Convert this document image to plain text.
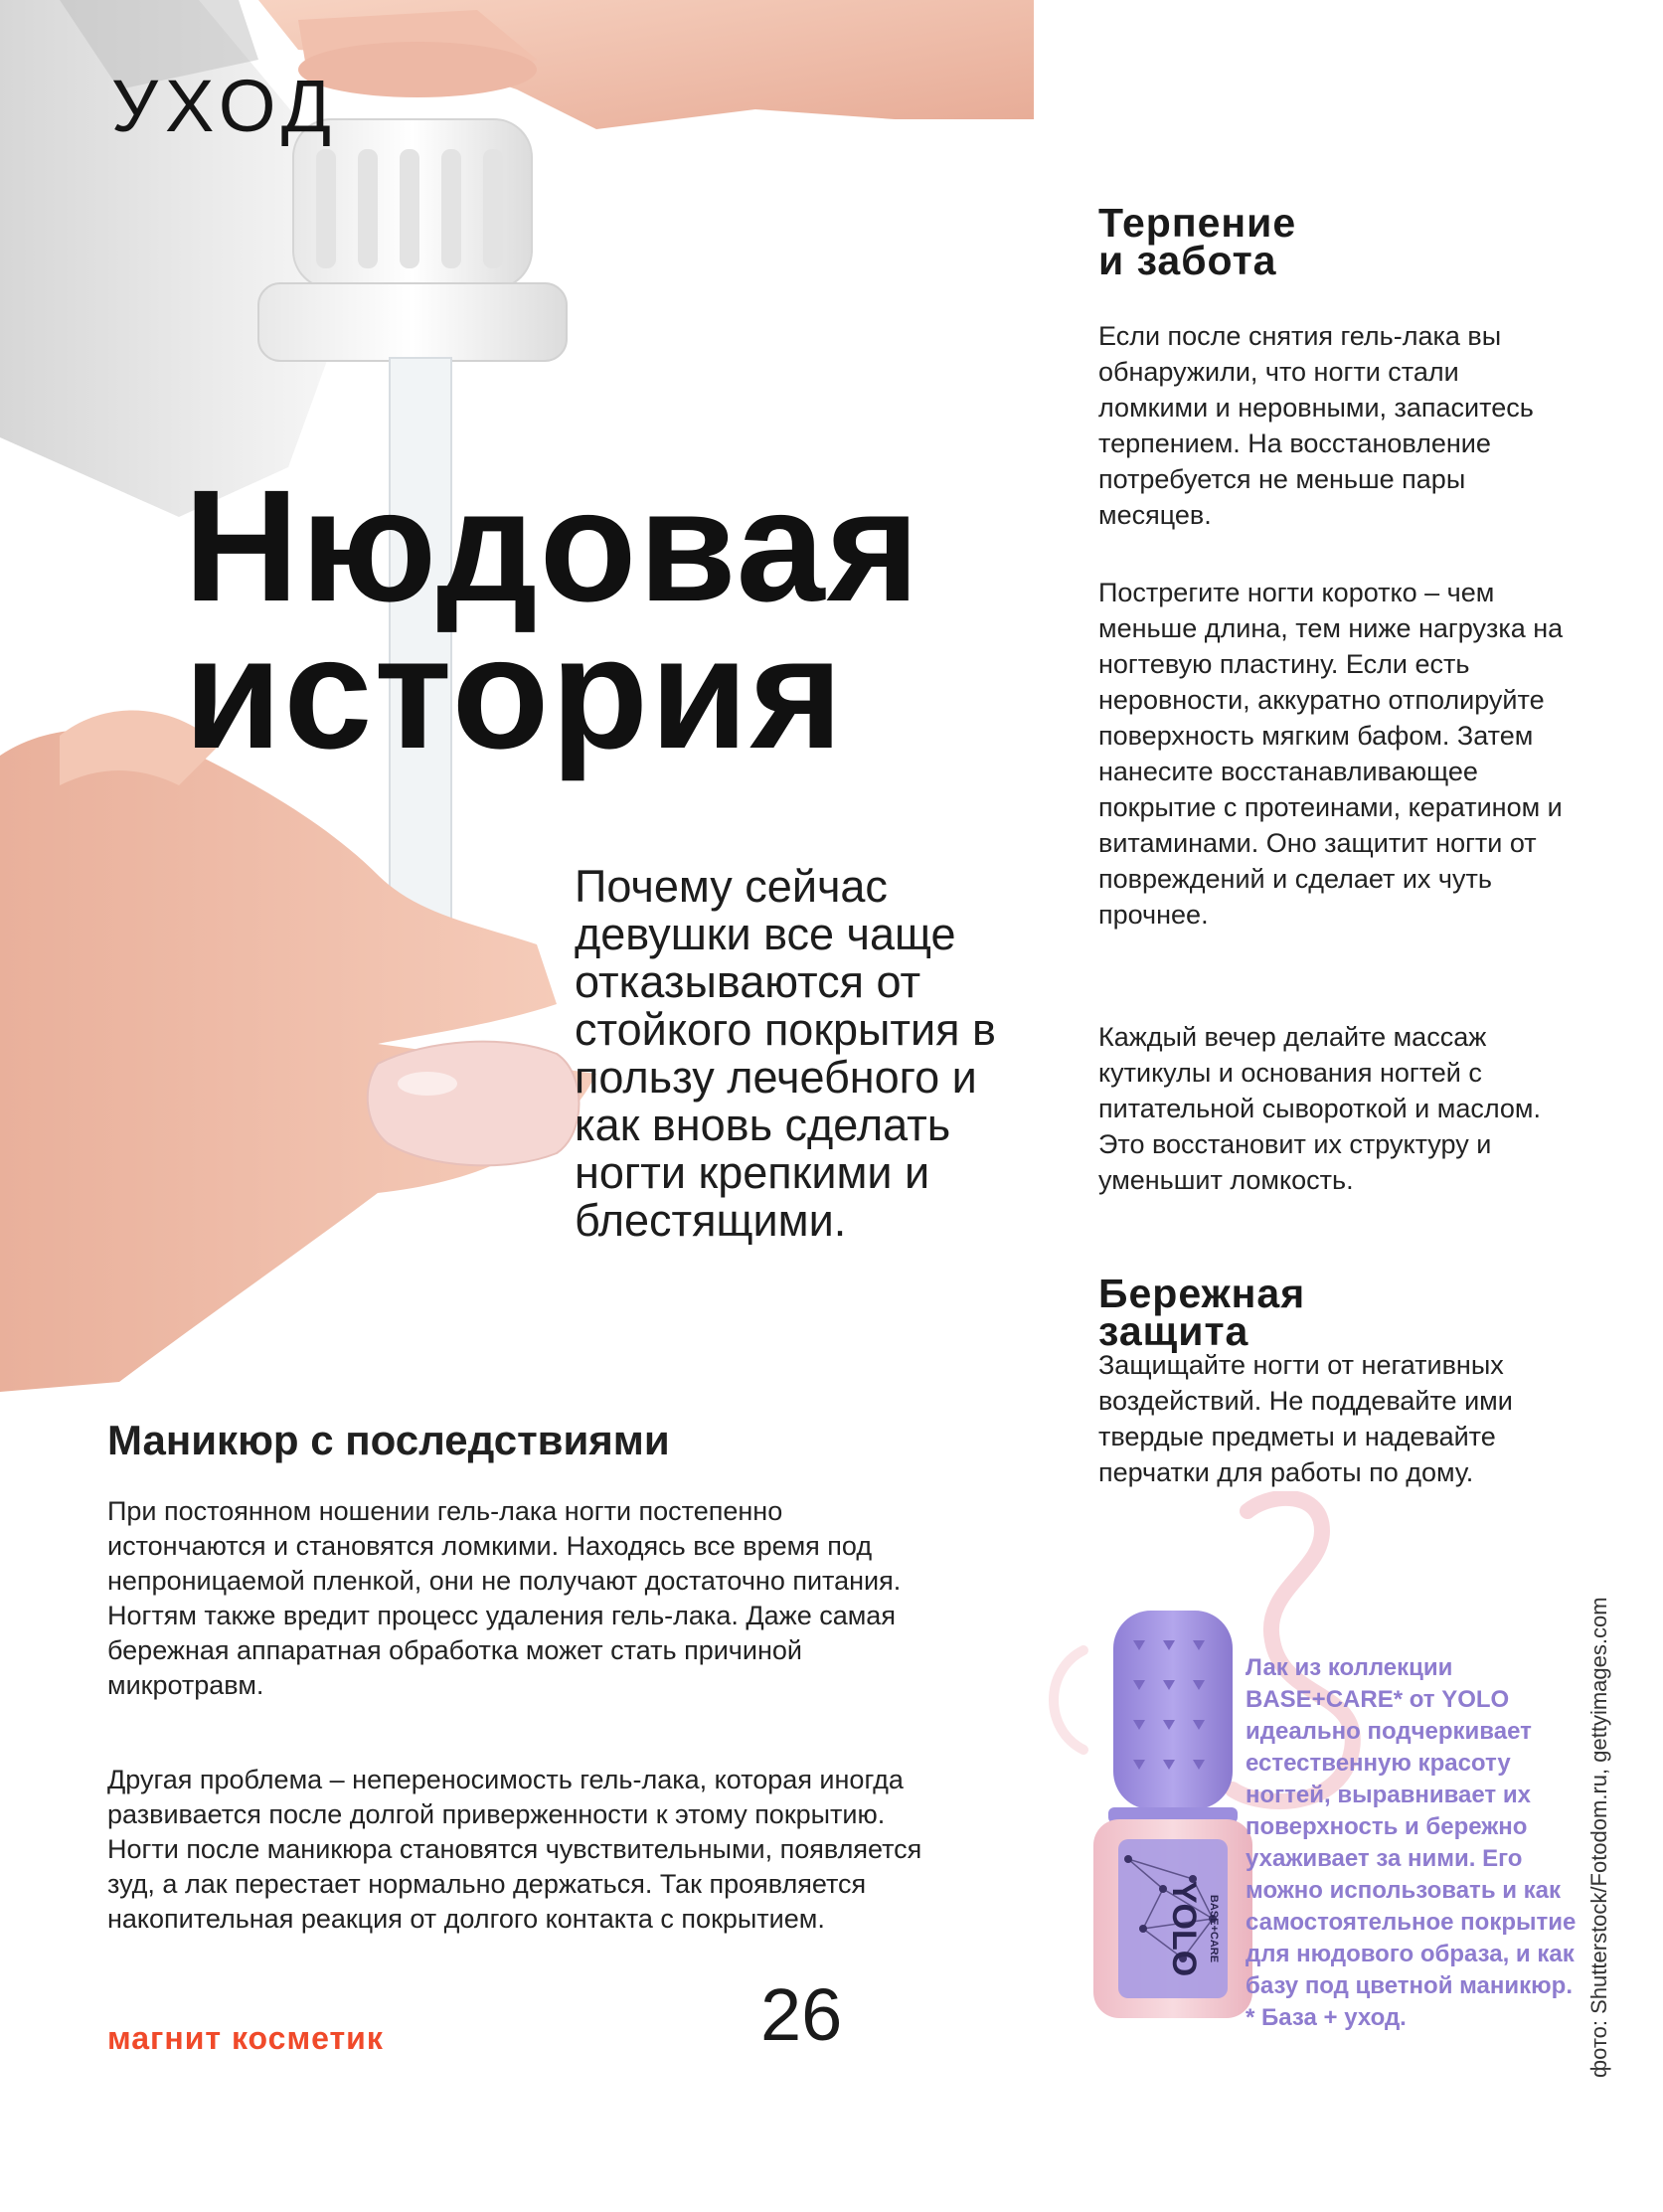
УХОД
Нюдовая
история

Почему сейчас девушки все чаще отказываются от стойкого покрытия в пользу лечебного и как вновь сделать ногти крепкими и блестящими.

Маникюр с последствиями

При постоянном ношении гель-лака ногти постепенно истончаются и становятся ломкими. Находясь все время под непроницаемой пленкой, они не получают достаточно питания. Ногтям также вредит процесс удаления гель-лака. Даже самая бережная аппаратная обработка может стать причиной микротравм.

Другая проблема – непереносимость гель-лака, которая иногда развивается после долгой приверженности к этому покрытию. Ногти после маникюра становятся чувствительными, появляется зуд, а лак перестает нормально держаться. Так проявляется накопительная реакция от долгого контакта с покрытием.

Терпение
и забота

Если после снятия гель-лака вы обнаружили, что ногти стали ломкими и неровными, запаситесь терпением. На восстановление потребуется не меньше пары месяцев.

Пострегите ногти коротко – чем меньше длина, тем ниже нагрузка на ногтевую пластину. Если есть неровности, аккуратно отполируйте поверхность мягким бафом. Затем нанесите восстанавливающее покрытие с протеинами, кератином и витаминами. Оно защитит ногти от повреждений и сделает их чуть прочнее.

Каждый вечер делайте массаж кутикулы и основания ногтей с питательной сывороткой и маслом. Это восстановит их структуру и уменьшит ломкость.

Бережная
защита

Защищайте ногти от негативных воздействий. Не поддевайте ими твердые предметы и надевайте перчатки для работы по дому.

YOLO BASE+CARE

Лак из коллекции BASE+CARE* от YOLO идеально подчеркивает естественную красоту ногтей, выравнивает их поверхность и бережно ухаживает за ними. Его можно использовать и как самостоятельное покрытие для нюдового образа, и как базу под цветной маникюр.
* База + уход.	фото: Shutterstock/Fotodom.ru, gettyimages.com
магнит косметик	26
